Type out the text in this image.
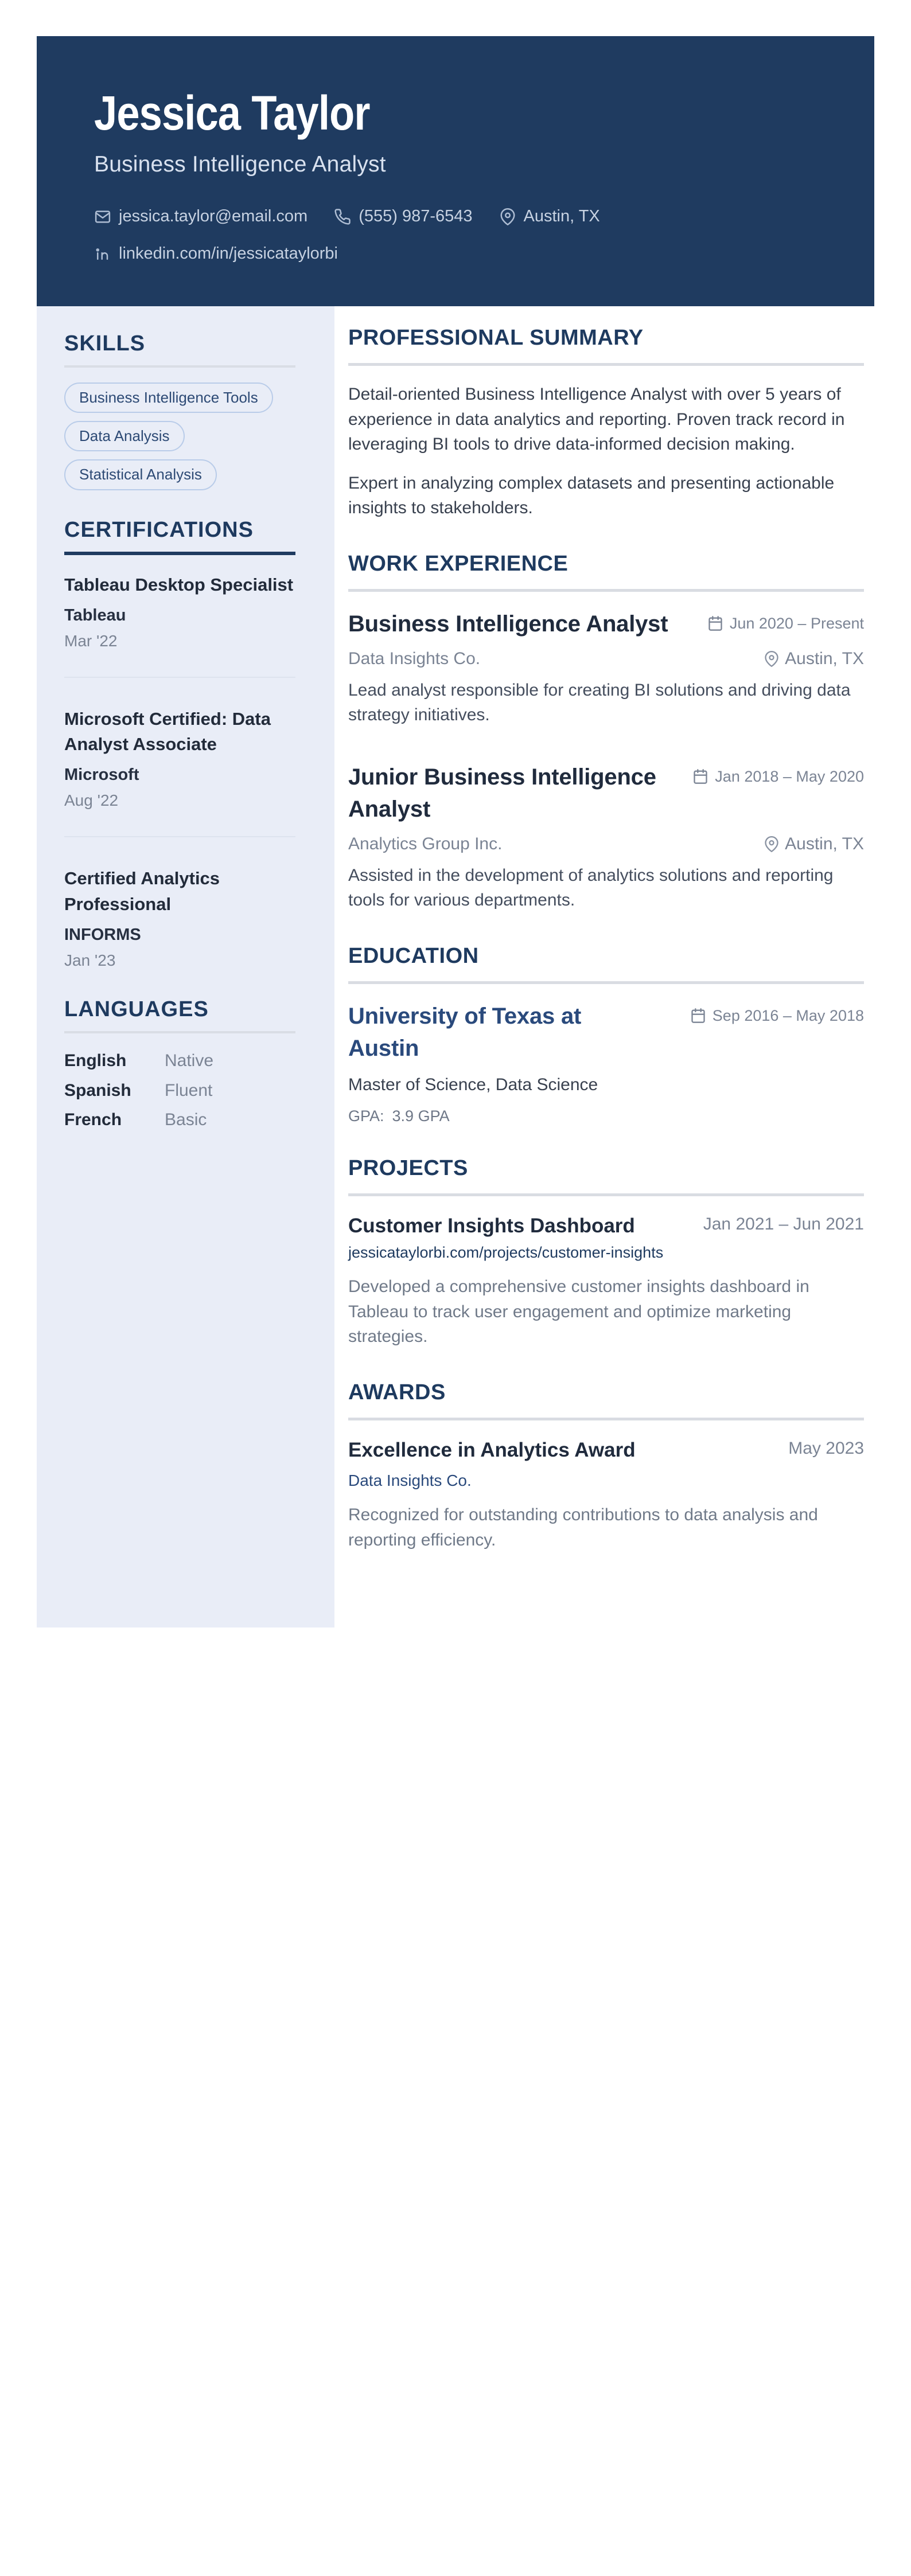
Jessica Taylor
Business Intelligence Analyst
jessica.taylor@email.com	(555) 987-6543	Austin, TX
linkedin.com/in/jessicataylorbi
SKILLS
Business Intelligence Tools
Data Analysis
Statistical Analysis
CERTIFICATIONS
Tableau Desktop Specialist
Tableau
Mar '22
Microsoft Certified: Data Analyst Associate
Microsoft
Aug '22
Certified Analytics Professional
INFORMS
Jan '23
LANGUAGES
English	Native
Spanish	Fluent
French	Basic
PROFESSIONAL SUMMARY

Detail-oriented Business Intelligence Analyst with over 5 years of experience in data analytics and reporting. Proven track record in leveraging BI tools to drive data-informed decision making.

Expert in analyzing complex datasets and presenting actionable insights to stakeholders.

WORK EXPERIENCE
Business Intelligence Analyst	Jun 2020 – Present
Data Insights Co.	Austin, TX
Lead analyst responsible for creating BI solutions and driving data strategy initiatives.
Junior Business Intelligence Analyst
Jan 2018 – May 2020
Analytics Group Inc.	Austin, TX
Assisted in the development of analytics solutions and reporting tools for various departments.
EDUCATION
University of Texas at Austin
Sep 2016 – May 2018
Master of Science, Data Science
GPA: 3.9 GPA
PROJECTS
Customer Insights Dashboard	Jan 2021 – Jun 2021
jessicataylorbi.com/projects/customer-insights
Developed a comprehensive customer insights dashboard in Tableau to track user engagement and optimize marketing strategies.
AWARDS
Excellence in Analytics Award	May 2023
Data Insights Co.
Recognized for outstanding contributions to data analysis and reporting efficiency.
